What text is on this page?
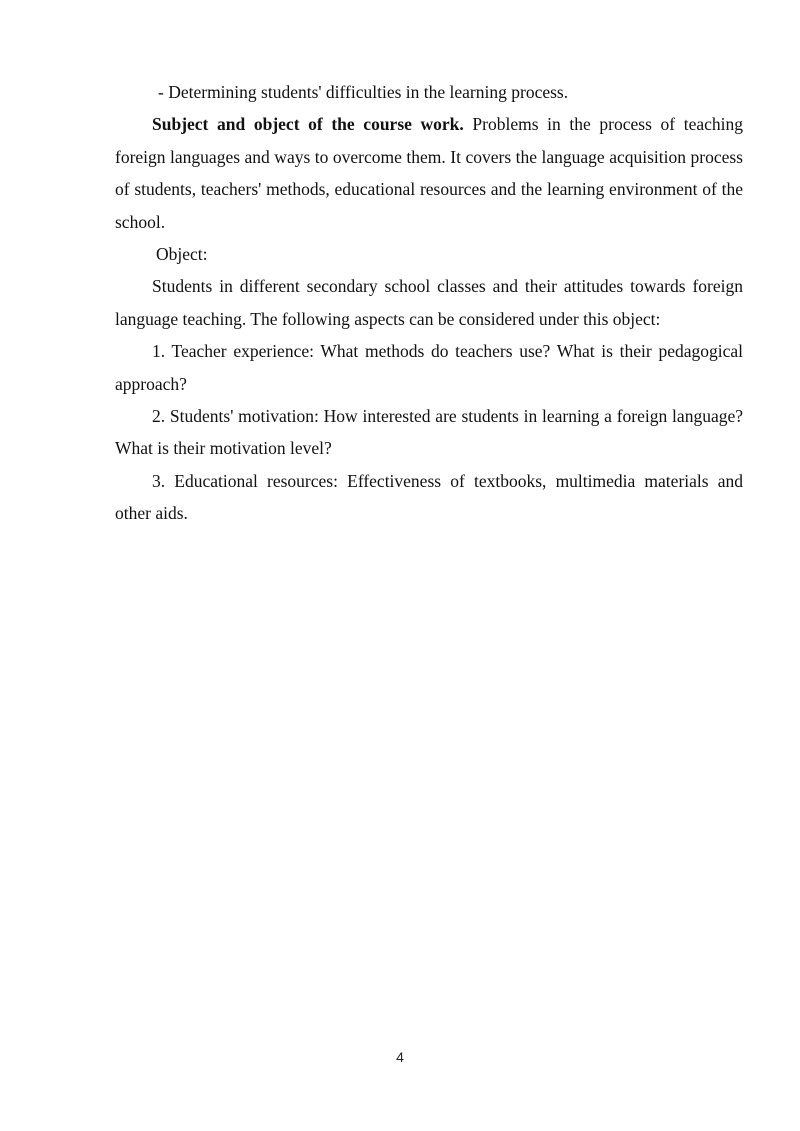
- Determining students' difficulties in the learning process.

Subject and object of the course work. Problems in the process of teaching foreign languages and ways to overcome them. It covers the language acquisition process of students, teachers' methods, educational resources and the learning environment of the school.

Object:

Students in different secondary school classes and their attitudes towards foreign language teaching. The following aspects can be considered under this object:

1. Teacher experience: What methods do teachers use? What is their pedagogical approach?

2. Students' motivation: How interested are students in learning a foreign language? What is their motivation level?

3. Educational resources: Effectiveness of textbooks, multimedia materials and other aids.

4
